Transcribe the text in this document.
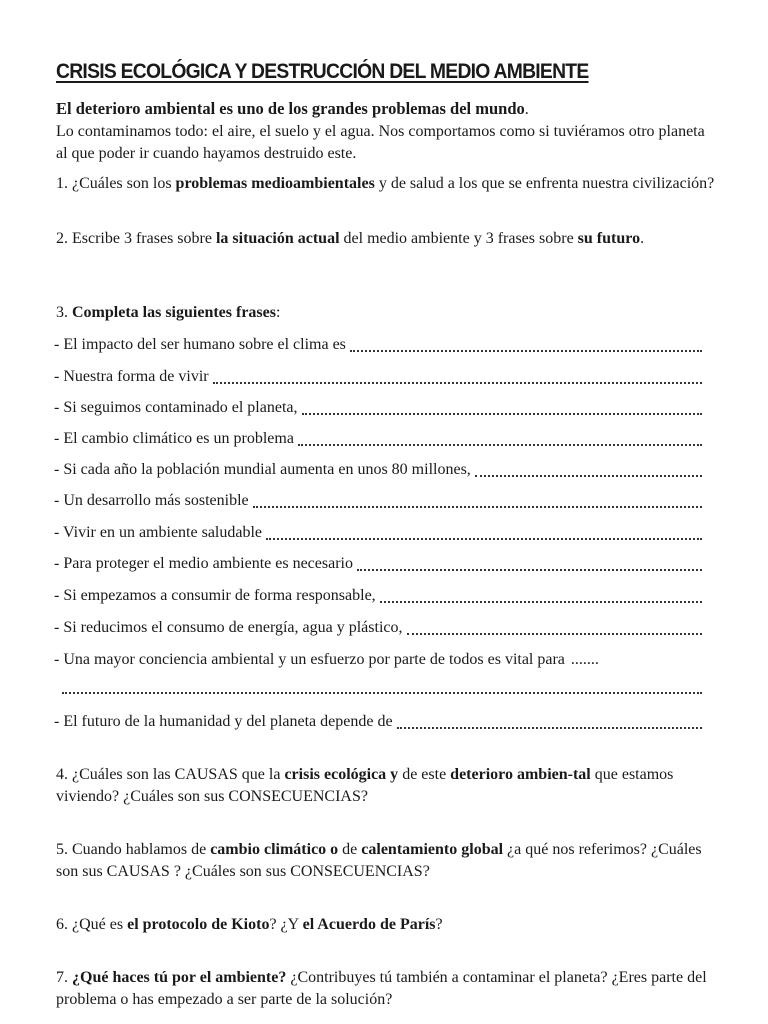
CRISIS ECOLÓGICA Y DESTRUCCIÓN DEL MEDIO AMBIENTE
El deterioro ambiental es uno de los grandes problemas del mundo.
Lo contaminamos todo: el aire, el suelo y el agua. Nos comportamos como si tuviéramos otro planeta al que poder ir cuando hayamos destruido este.
1. ¿Cuáles son los problemas medioambientales y de salud a los que se enfrenta nuestra civilización?
2. Escribe 3 frases sobre la situación actual del medio ambiente y 3 frases sobre su futuro.
3. Completa las siguientes frases:
- El impacto del ser humano sobre el clima es
- Nuestra forma de vivir
- Si seguimos contaminado el planeta,
- El cambio climático es un problema
- Si cada año la población mundial aumenta en unos 80 millones,
- Un desarrollo más sostenible
- Vivir en un ambiente saludable
- Para proteger el medio ambiente es necesario
- Si empezamos a consumir de forma responsable,
- Si reducimos el consumo de energía, agua y plástico,
- Una mayor conciencia ambiental y un esfuerzo por parte de todos es vital para .......
- El futuro de la humanidad y del planeta depende de
4. ¿Cuáles son las CAUSAS que la crisis ecológica y de este deterioro ambien-tal que estamos viviendo? ¿Cuáles son sus CONSECUENCIAS?
5. Cuando hablamos de cambio climático o de calentamiento global ¿a qué nos referimos? ¿Cuáles son sus CAUSAS ? ¿Cuáles son sus CONSECUENCIAS?
6. ¿Qué es el protocolo de Kioto? ¿Y el Acuerdo de París?
7. ¿Qué haces tú por el ambiente? ¿Contribuyes tú también a contaminar el planeta? ¿Eres parte del problema o has empezado a ser parte de la solución?
